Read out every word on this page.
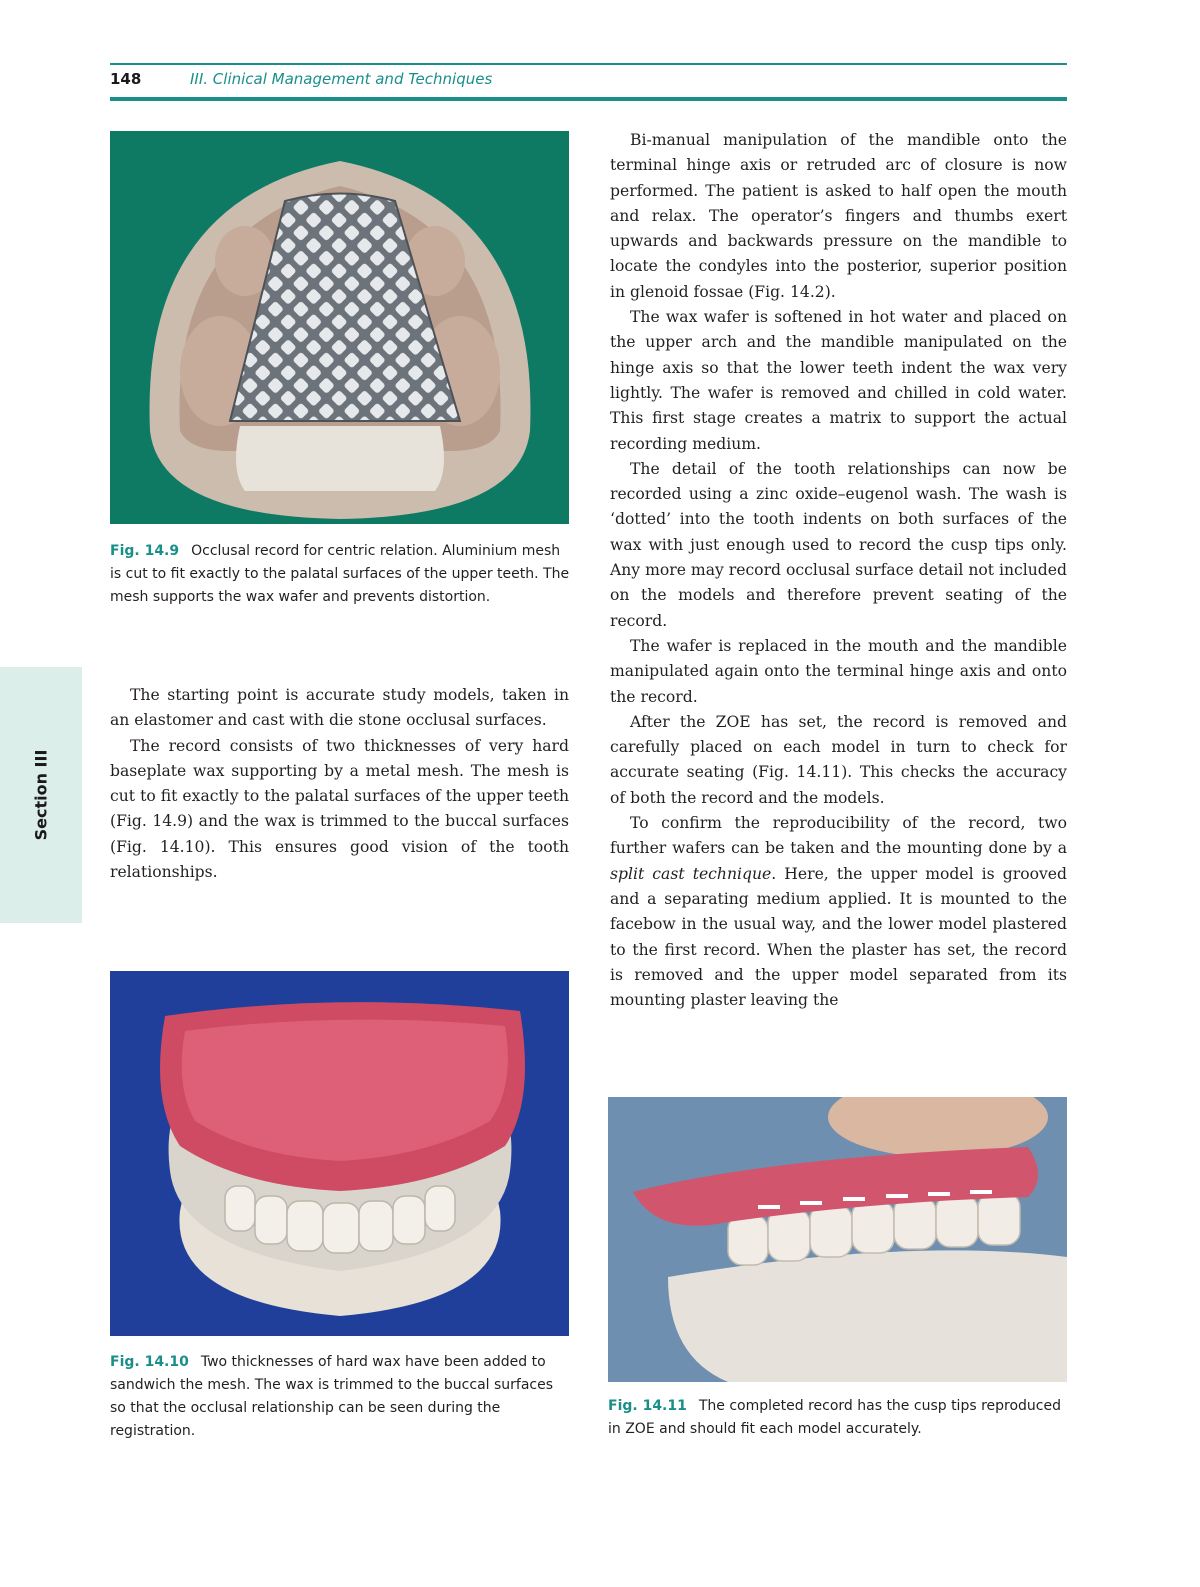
148	III. Clinical Management and Techniques
Section III
Fig. 14.9 Occlusal record for centric relation. Aluminium mesh is cut to fit exactly to the palatal surfaces of the upper teeth. The mesh supports the wax wafer and prevents distortion.

The starting point is accurate study models, taken in an elastomer and cast with die stone occlusal surfaces.

The record consists of two thicknesses of very hard baseplate wax supporting by a metal mesh. The mesh is cut to fit exactly to the palatal surfaces of the upper teeth (Fig. 14.9) and the wax is trimmed to the buccal surfaces (Fig. 14.10). This ensures good vision of the tooth relationships.

Fig. 14.10 Two thicknesses of hard wax have been added to sandwich the mesh. The wax is trimmed to the buccal surfaces so that the occlusal relationship can be seen during the registration.

Bi-manual manipulation of the mandible onto the terminal hinge axis or retruded arc of closure is now performed. The patient is asked to half open the mouth and relax. The operator’s fingers and thumbs exert upwards and backwards pressure on the mandible to locate the condyles into the posterior, superior position in glenoid fossae (Fig. 14.2).

The wax wafer is softened in hot water and placed on the upper arch and the mandible manipulated on the hinge axis so that the lower teeth indent the wax very lightly. The wafer is removed and chilled in cold water. This first stage creates a matrix to support the actual recording medium.

The detail of the tooth relationships can now be recorded using a zinc oxide–eugenol wash. The wash is ‘dotted’ into the tooth indents on both surfaces of the wax with just enough used to record the cusp tips only. Any more may record occlusal surface detail not included on the models and therefore prevent seating of the record.

The wafer is replaced in the mouth and the mandible manipulated again onto the terminal hinge axis and onto the record.

After the ZOE has set, the record is removed and carefully placed on each model in turn to check for accurate seating (Fig. 14.11). This checks the accuracy of both the record and the models.

To confirm the reproducibility of the record, two further wafers can be taken and the mounting done by a split cast technique. Here, the upper model is grooved and a separating medium applied. It is mounted to the facebow in the usual way, and the lower model plastered to the first record. When the plaster has set, the record is removed and the upper model separated from its mounting plaster leaving the

Fig. 14.11 The completed record has the cusp tips reproduced in ZOE and should fit each model accurately.
